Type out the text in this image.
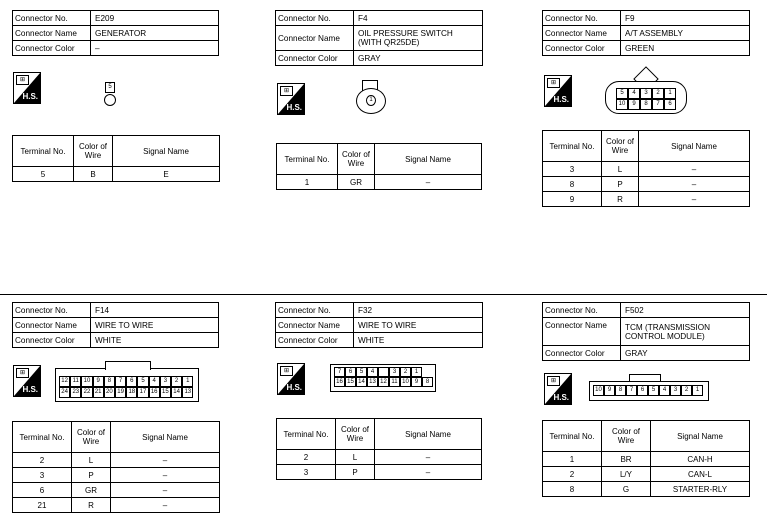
Connector No.	E209
Connector Name	GENERATOR
Connector Color	–
⊞
H.S.
5
Terminal No.	Color of
Wire	Signal Name
5	B	E
Connector No.	F4
Connector Name	OIL PRESSURE SWITCH
(WITH QR25DE)
Connector Color	GRAY
⊞
H.S.
1
Terminal No.	Color of
Wire	Signal Name
1	GR	–
Connector No.	F9
Connector Name	A/T ASSEMBLY
Connector Color	GREEN
⊞
H.S.
5	4	3	2	1
10	9	8	7	6
Terminal No.	Color of
Wire	Signal Name
3	L	–
8	P	–
9	R	–
Connector No.	F14
Connector Name	WIRE TO WIRE
Connector Color	WHITE
⊞
H.S.
12 11 10	9	8	7	6	5	4	3	2	1
24 23 22 21 20 19 18 17 16 15 14 13
Terminal No.	Color of
Wire	Signal Name
2	L	–
3	P	–
6	GR	–
21	R	–
Connector No.	F32
Connector Name	WIRE TO WIRE
Connector Color	WHITE
⊞
H.S.
7	6	5	4	3	2	1
16 15 14 13 12 11 10 9	8
Terminal No.	Color of
Wire	Signal Name
2	L	–
3	P	–
Connector No.	F502
Connector Name	TCM (TRANSMISSION
CONTROL MODULE)
Connector Color	GRAY
⊞
H.S.
10 9	8	7	6	5	4	3	2	1
Terminal No.	Color of
Wire	Signal Name
1	BR	CAN-H
2	L/Y	CAN-L
8	G	STARTER-RLY
